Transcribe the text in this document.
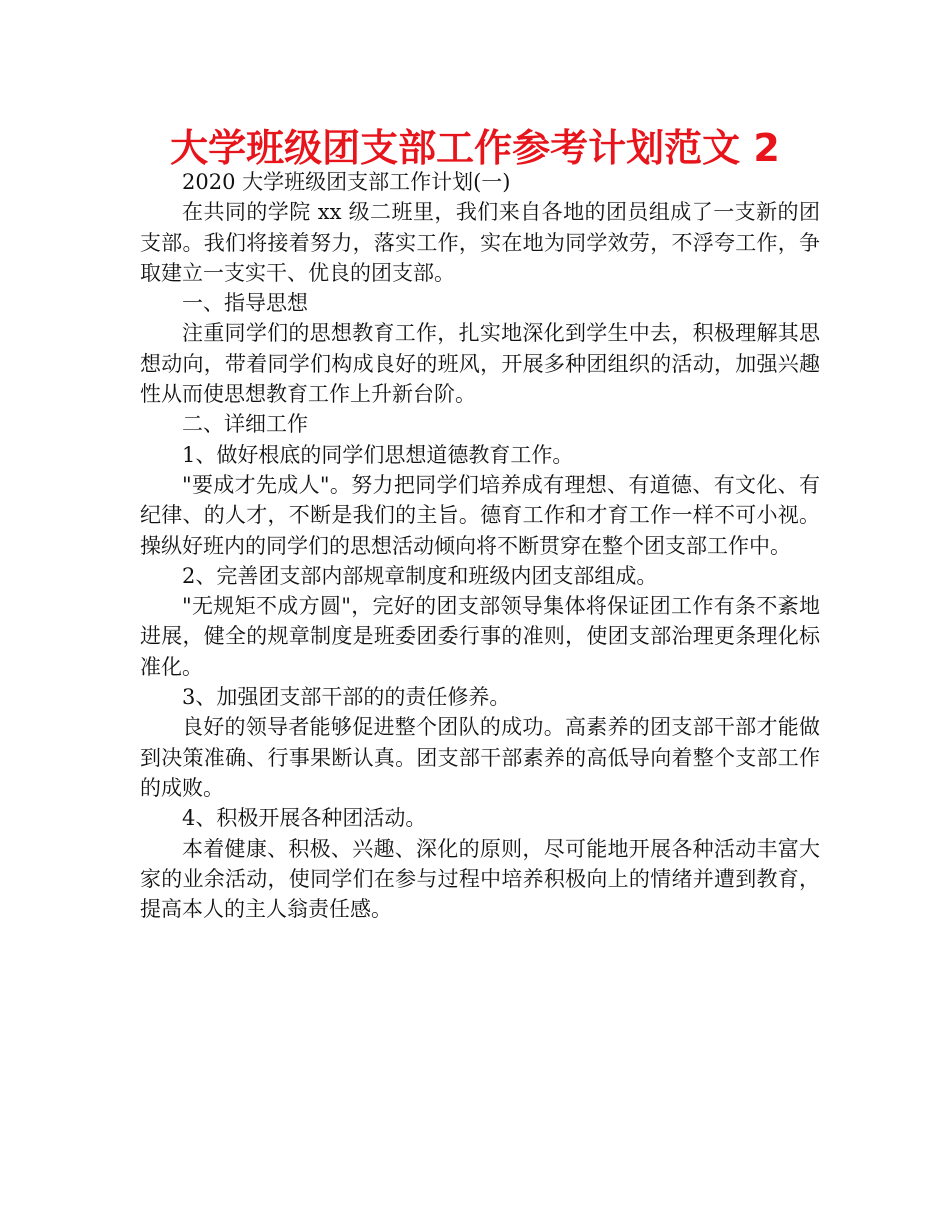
大学班级团支部工作参考计划范文 2

2020 大学班级团支部工作计划(一)

在共同的学院 xx 级二班里，我们来自各地的团员组成了一支新的团支部。我们将接着努力，落实工作，实在地为同学效劳，不浮夸工作，争取建立一支实干、优良的团支部。

一、指导思想

注重同学们的思想教育工作，扎实地深化到学生中去，积极理解其思想动向，带着同学们构成良好的班风，开展多种团组织的活动，加强兴趣性从而使思想教育工作上升新台阶。

二、详细工作

1、做好根底的同学们思想道德教育工作。

"要成才先成人"。努力把同学们培养成有理想、有道德、有文化、有纪律、的人才，不断是我们的主旨。德育工作和才育工作一样不可小视。操纵好班内的同学们的思想活动倾向将不断贯穿在整个团支部工作中。

2、完善团支部内部规章制度和班级内团支部组成。

"无规矩不成方圆"，完好的团支部领导集体将保证团工作有条不紊地进展，健全的规章制度是班委团委行事的准则，使团支部治理更条理化标准化。

3、加强团支部干部的的责任修养。

良好的领导者能够促进整个团队的成功。高素养的团支部干部才能做到决策准确、行事果断认真。团支部干部素养的高低导向着整个支部工作的成败。

4、积极开展各种团活动。

本着健康、积极、兴趣、深化的原则，尽可能地开展各种活动丰富大家的业余活动，使同学们在参与过程中培养积极向上的情绪并遭到教育，提高本人的主人翁责任感。
